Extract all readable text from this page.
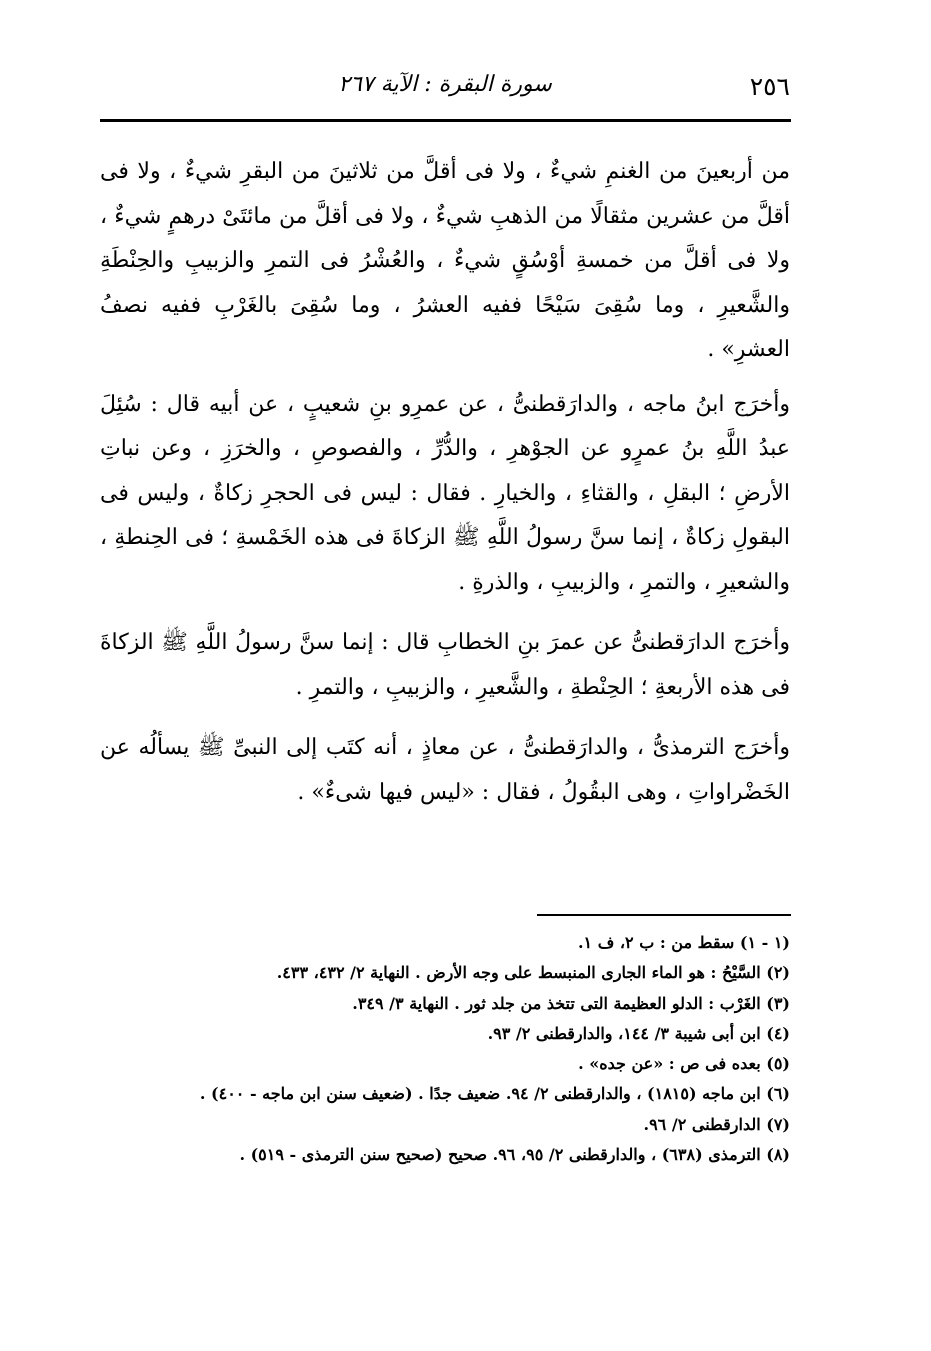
٢٥٦
سورة البقرة : الآية ٢٦٧

من أربعينَ من الغنمِ شيءٌ ، ولا فى أقلَّ من ثلاثينَ من البقرِ شيءٌ ، ولا فى أقلَّ من عشرين مثقالًا من الذهبِ شيءٌ ، ولا فى أقلَّ من مائتَىْ درهمٍ شيءٌ ، ولا فى أقلَّ من خمسةِ أوْسُقٍ شيءٌ ، والعُشْرُ فى التمرِ والزبيبِ والحِنْطَةِ والشَّعيرِ ، وما سُقِىَ سَيْحًا ففيه العشرُ ، وما سُقِىَ بالغَرْبِ ففيه نصفُ العشرِ» .

وأخرَج ابنُ ماجه ، والدارَقطنىُّ ، عن عمرِو بنِ شعيبٍ ، عن أبيه قال : سُئِلَ عبدُ اللَّهِ بنُ عمرٍو عن الجوْهرِ ، والدُّرِّ ، والفصوصِ ، والخرَزِ ، وعن نباتِ الأرضِ ؛ البقلِ ، والقثاءِ ، والخيارِ . فقال : ليس فى الحجرِ زكاةٌ ، وليس فى البقولِ زكاةٌ ، إنما سنَّ رسولُ اللَّهِ ﷺ الزكاةَ فى هذه الخَمْسةِ ؛ فى الحِنطةِ ، والشعيرِ ، والتمرِ ، والزبيبِ ، والذرةِ .

وأخرَج الدارَقطنىُّ عن عمرَ بنِ الخطابِ قال : إنما سنَّ رسولُ اللَّهِ ﷺ الزكاةَ فى هذه الأربعةِ ؛ الحِنْطةِ ، والشَّعيرِ ، والزبيبِ ، والتمرِ .

وأخرَج الترمذىُّ ، والدارَقطنىُّ ، عن معاذٍ ، أنه كتَب إلى النبىِّ ﷺ يسألُه عن الخَضْراواتِ ، وهى البقُولُ ، فقال : «ليس فيها شىءٌ» .

(١ - ١) سقط من : ب ٢، ف ١.
(٢) السَّيْحُ : هو الماء الجارى المنبسط على وجه الأرض . النهاية ٢/ ٤٣٢، ٤٣٣.
(٣) الغَرْب : الدلو العظيمة التى تتخذ من جلد ثور . النهاية ٣/ ٣٤٩.
(٤) ابن أبى شيبة ٣/ ١٤٤، والدارقطنى ٢/ ٩٣.
(٥) بعده فى ص : «عن جده» .
(٦) ابن ماجه (١٨١٥) ، والدارقطنى ٢/ ٩٤. ضعيف جدًا . (ضعيف سنن ابن ماجه - ٤٠٠) .
(٧) الدارقطنى ٢/ ٩٦.
(٨) الترمذى (٦٣٨) ، والدارقطنى ٢/ ٩٥، ٩٦. صحيح (صحيح سنن الترمذى - ٥١٩) .
